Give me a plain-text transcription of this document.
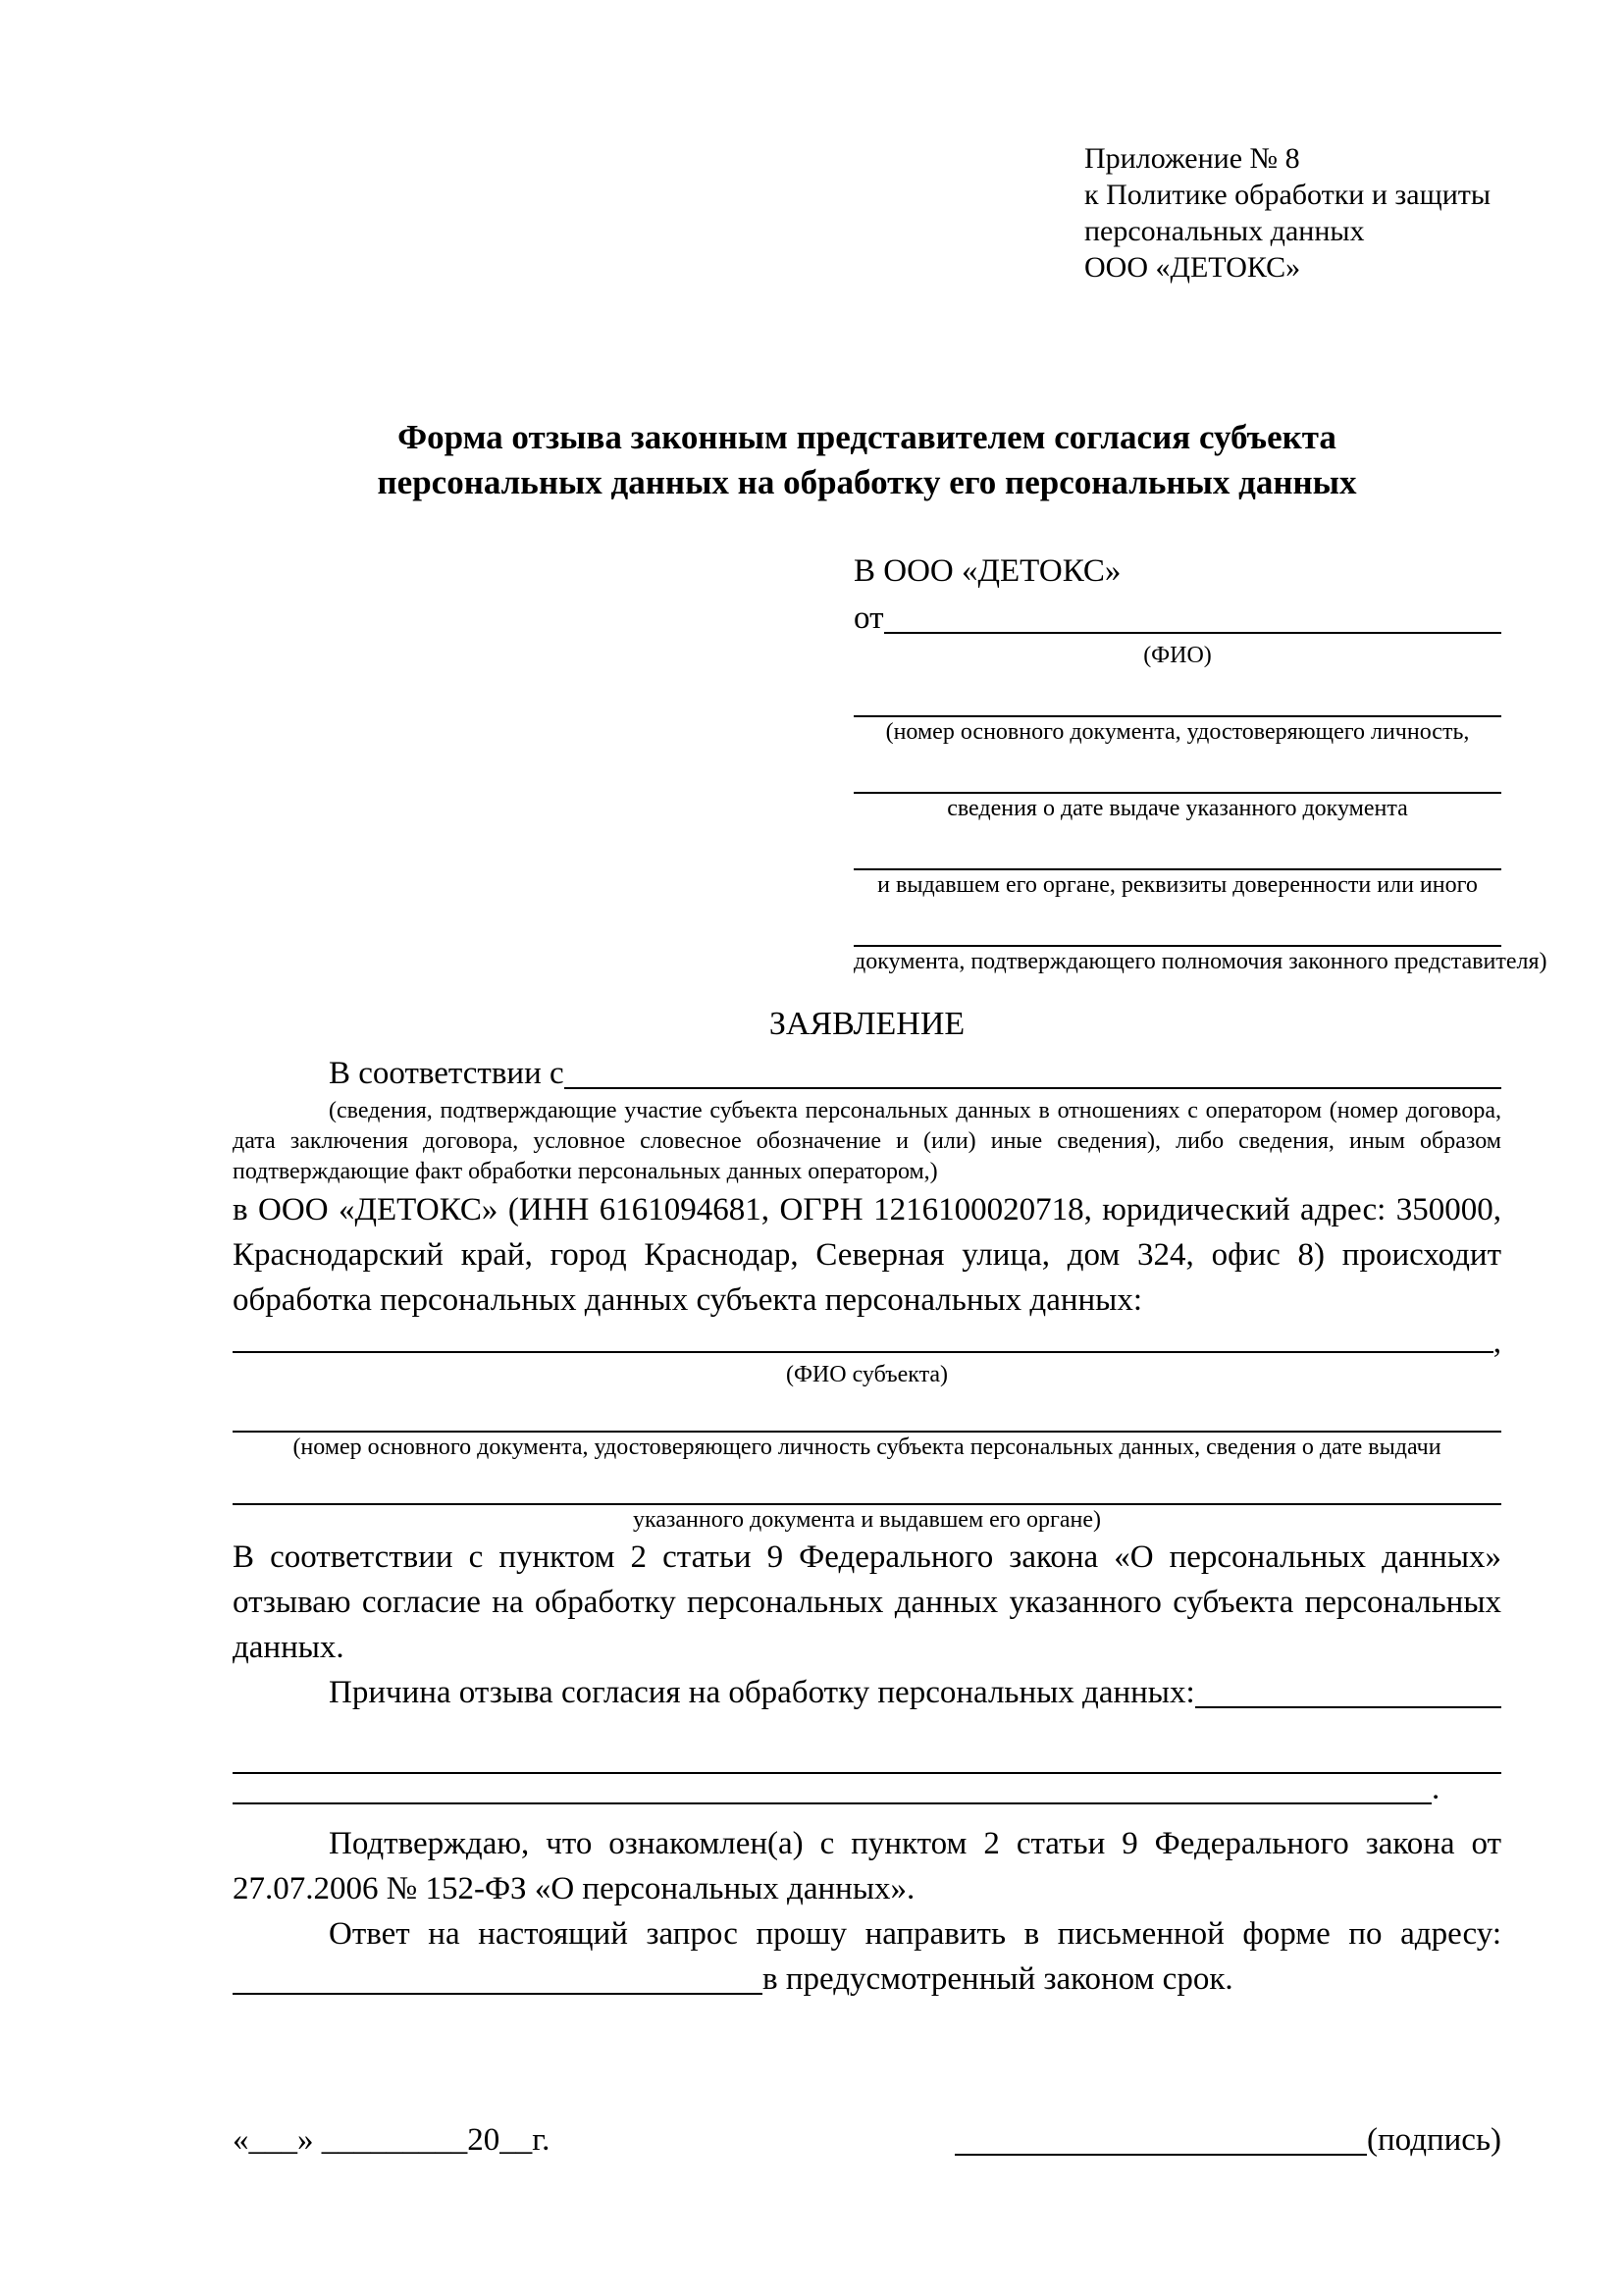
Приложение № 8
к Политике обработки и защиты
персональных данных
ООО «ДЕТОКС»
Форма отзыва законным представителем согласия субъекта
персональных данных на обработку его персональных данных
В ООО «ДЕТОКС»
от
(ФИО)
(номер основного документа, удостоверяющего личность,
сведения о дате выдаче указанного документа
и выдавшем его органе, реквизиты доверенности или иного
документа, подтверждающего полномочия законного представителя)
ЗАЯВЛЕНИЕ
В соответствии с
(сведения, подтверждающие участие субъекта персональных данных в отношениях с оператором (номер договора, дата заключения договора, условное словесное обозначение и (или) иные сведения), либо сведения, иным образом подтверждающие факт обработки персональных данных оператором,)

в ООО «ДЕТОКС» (ИНН 6161094681, ОГРН 1216100020718, юридический адрес: 350000, Краснодарский край, город Краснодар, Северная улица, дом 324, офис 8) происходит обработка персональных данных субъекта персональных данных:

,
(ФИО субъекта)
(номер основного документа, удостоверяющего личность субъекта персональных данных, сведения о дате выдачи
указанного документа и выдавшем его органе)

В соответствии с пунктом 2 статьи 9 Федерального закона «О персональных данных» отзываю согласие на обработку персональных данных указанного субъекта персональных данных.

Причина отзыва согласия на обработку персональных данных:
.

Подтверждаю, что ознакомлен(а) с пунктом 2 статьи 9 Федерального закона от 27.07.2006 № 152-ФЗ «О персональных данных».

Ответ на настоящий запрос прошу направить в письменной форме по адресу:
в предусмотренный законом срок.
«___» _________20__г.	(подпись)
